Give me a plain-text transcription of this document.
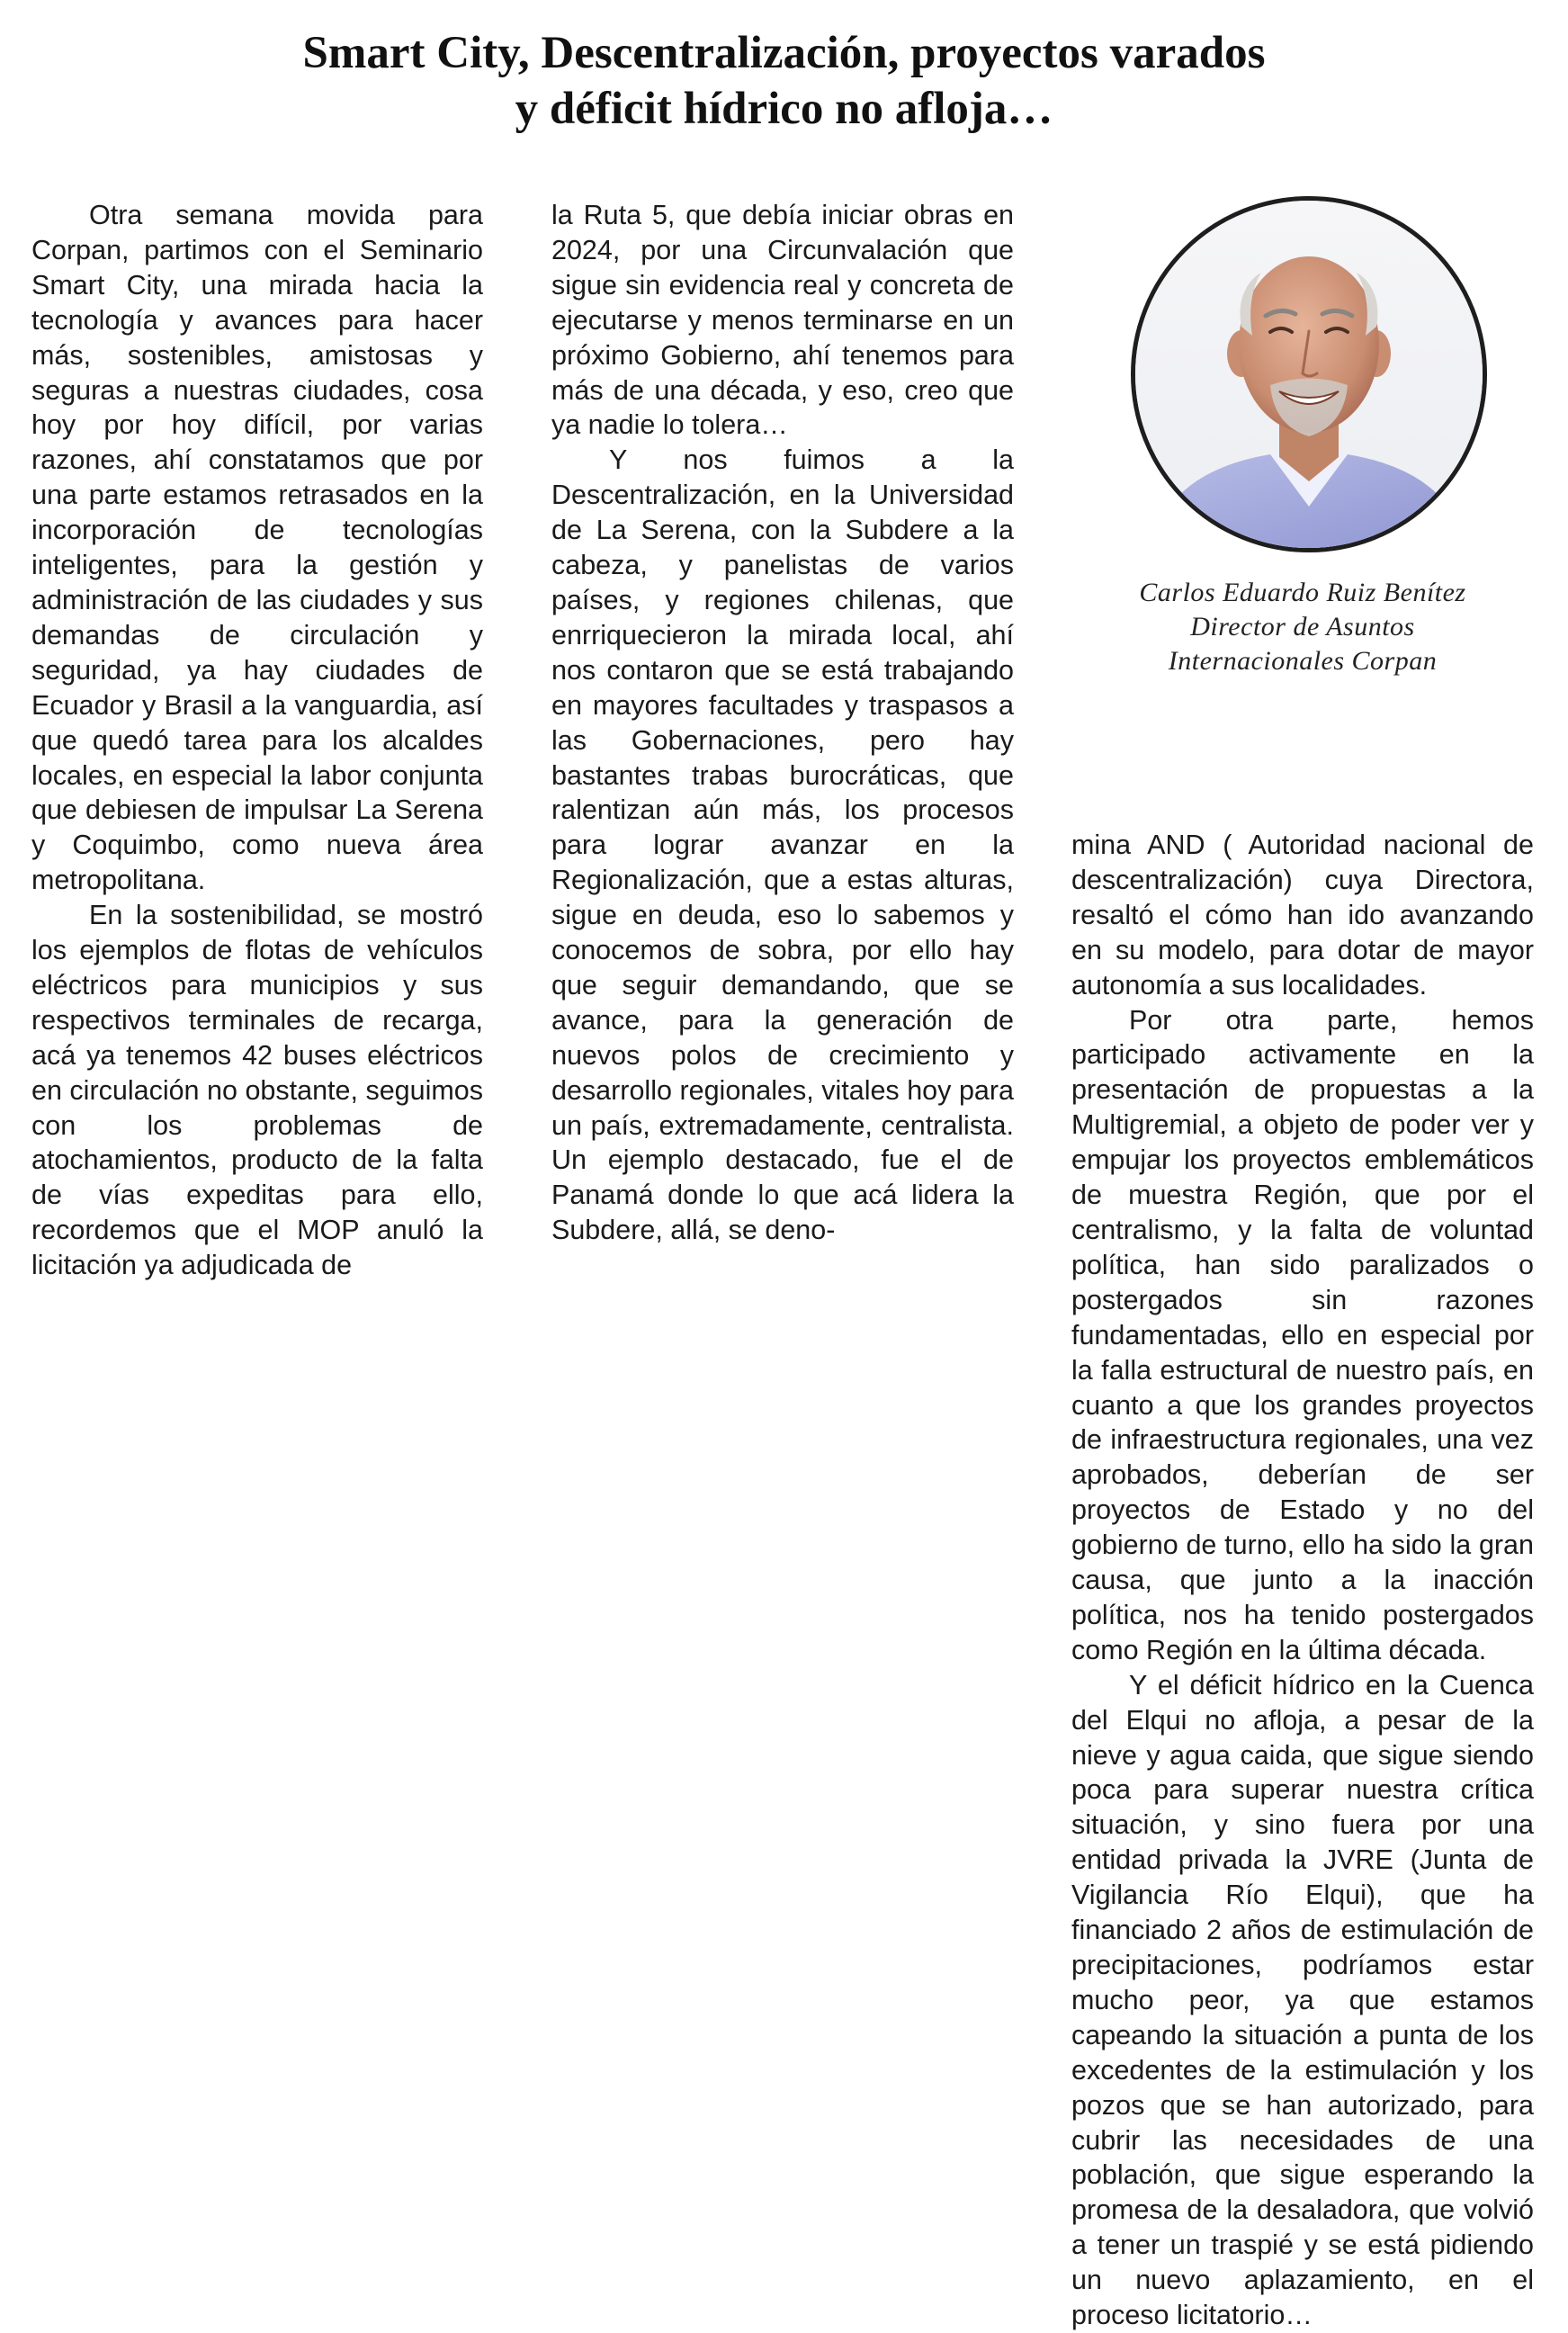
Smart City, Descentralización, proyectos varados
y déficit hídrico no afloja…

Otra semana movida para Corpan, partimos con el Seminario Smart City, una mirada hacia la tecnología y avances para hacer más, sostenibles, amistosas y seguras a nuestras ciudades, cosa hoy por hoy difícil, por varias razones, ahí constatamos que por una parte estamos retrasados en la incorporación de tecnologías inteligentes, para la gestión y administración de las ciudades y sus demandas de circulación y seguridad, ya hay ciudades de Ecuador y Brasil a la vanguardia, así que quedó tarea para los alcaldes locales, en especial la labor conjunta que debiesen de impulsar La Serena y Coquimbo, como nueva área metropolitana.

En la sostenibilidad, se mostró los ejemplos de flotas de vehículos eléctricos para municipios y sus respectivos terminales de recarga, acá ya tenemos 42 buses eléctricos en circulación no obstante, seguimos con los problemas de atochamientos, producto de la falta de vías expeditas para ello, recordemos que el MOP anuló la licitación ya adjudicada de

la Ruta 5, que debía iniciar obras en 2024, por una Circunvalación que sigue sin evidencia real y concreta de ejecutarse y menos terminarse en un próximo Gobierno, ahí tenemos para más de una década, y eso, creo que ya nadie lo tolera…

Y nos fuimos a la Descentralización, en la Universidad de La Serena, con la Subdere a la cabeza, y panelistas de varios países, y regiones chilenas, que enrriquecieron la mirada local, ahí nos contaron que se está trabajando en mayores facultades y traspasos a las Gobernaciones, pero hay bastantes trabas burocráticas, que ralentizan aún más, los procesos para lograr avanzar en la Regionalización, que a estas alturas, sigue en deuda, eso lo sabemos y conocemos de sobra, por ello hay que seguir demandando, que se avance, para la generación de nuevos polos de crecimiento y desarrollo regionales, vitales hoy para un país, extremadamente, centralista. Un ejemplo destacado, fue el de Panamá donde lo que acá lidera la Subdere, allá, se deno-

Carlos Eduardo Ruiz Benítez
Director de Asuntos
Internacionales Corpan

mina AND ( Autoridad nacional de descentralización) cuya Directora, resaltó el cómo han ido avanzando en su modelo, para dotar de mayor autonomía a sus localidades.

Por otra parte, hemos participado activamente en la presentación de propuestas a la Multigremial, a objeto de poder ver y empujar los proyectos emblemáticos de muestra Región, que por el centralismo, y la falta de voluntad política, han sido paralizados o postergados sin razones fundamentadas, ello en especial por la falla estructural de nuestro país, en cuanto a que los grandes proyectos de infraestructura regionales, una vez aprobados, deberían de ser proyectos de Estado y no del gobierno de turno, ello ha sido la gran causa, que junto a la inacción política, nos ha tenido postergados como Región en la última década.

Y el déficit hídrico en la Cuenca del Elqui no afloja, a pesar de la nieve y agua caida, que sigue siendo poca para superar nuestra crítica situación, y sino fuera por una entidad privada la JVRE (Junta de Vigilancia Río Elqui), que ha financiado 2 años de estimulación de precipitaciones, podríamos estar mucho peor, ya que estamos capeando la situación a punta de los excedentes de la estimulación y los pozos que se han autorizado, para cubrir las necesidades de una población, que sigue esperando la promesa de la desaladora, que volvió a tener un traspié y se está pidiendo un nuevo aplazamiento, en el proceso licitatorio…
